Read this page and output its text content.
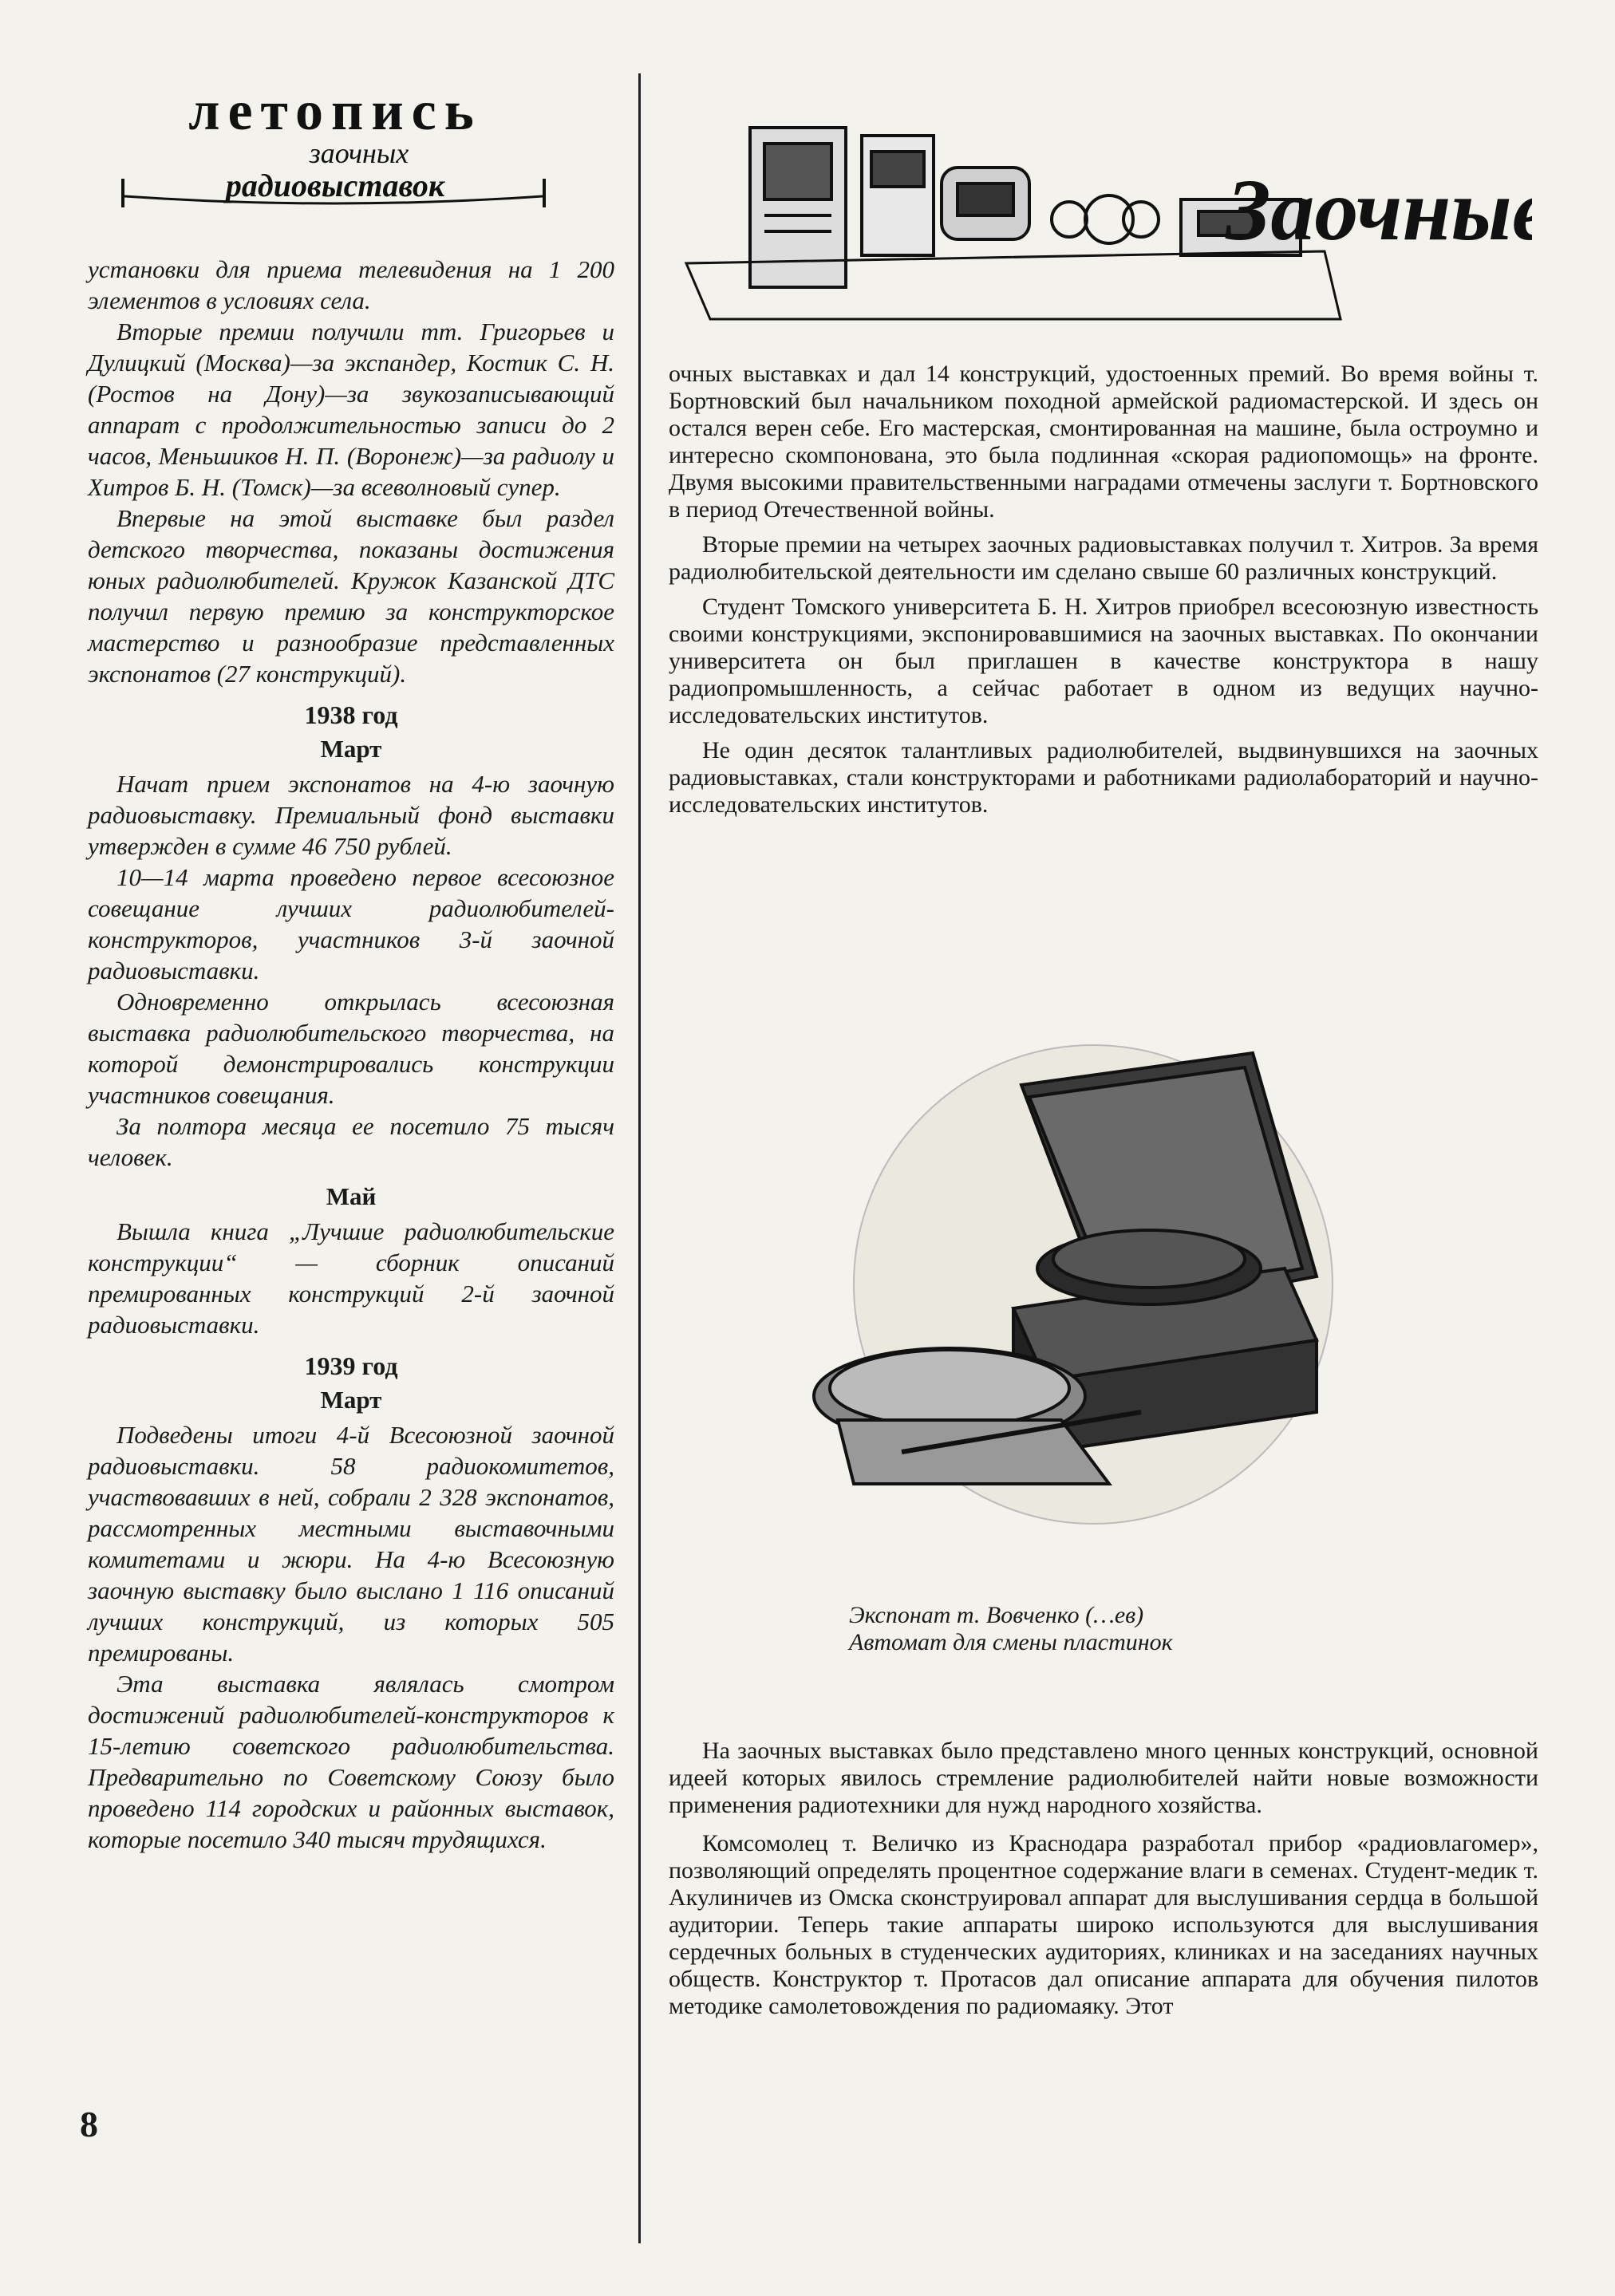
летопись
заочных
радиовыставок

установки для приема телевидения на 1 200 элементов в условиях села.

Вторые премии получили тт. Григорьев и Дулицкий (Москва)—за экспандер, Костик С. Н. (Ростов на Дону)—за звукозаписывающий аппарат с продолжительностью записи до 2 часов, Меньшиков Н. П. (Воронеж)—за радиолу и Хитров Б. Н. (Томск)—за всеволновый супер.

Впервые на этой выставке был раздел детского творчества, показаны достижения юных радиолюбителей. Кружок Казанской ДТС получил первую премию за конструкторское мастерство и разнообразие представленных экспонатов (27 конструкций).

1938 год
Март

Начат прием экспонатов на 4-ю заочную радиовыставку. Премиальный фонд выставки утвержден в сумме 46 750 рублей.

10—14 марта проведено первое всесоюзное совещание лучших радиолюбителей-конструкторов, участников 3-й заочной радиовыставки.

Одновременно открылась всесоюзная выставка радиолюбительского творчества, на которой демонстрировались конструкции участников совещания.

За полтора месяца ее посетило 75 тысяч человек.

Май

Вышла книга „Лучшие радиолюбительские конструкции“ — сборник описаний премированных конструкций 2-й заочной радиовыставки.

1939 год
Март

Подведены итоги 4-й Всесоюзной заочной радиовыставки. 58 радиокомитетов, участвовавших в ней, собрали 2 328 экспонатов, рассмотренных местными выставочными комитетами и жюри. На 4-ю Всесоюзную заочную выставку было выслано 1 116 описаний лучших конструкций, из которых 505 премированы.

Эта выставка являлась смотром достижений радиолюбителей-конструкторов к 15-летию советского радиолюбительства. Предварительно по Советскому Союзу было проведено 114 городских и районных выставок, которые посетило 340 тысяч трудящихся.

8
Заочные

очных выставках и дал 14 конструкций, удостоенных премий. Во время войны т. Бортновский был начальником походной армейской радиомастерской. И здесь он остался верен себе. Его мастерская, смонтированная на машине, была остроумно и интересно скомпонована, это была подлинная «скорая радиопомощь» на фронте. Двумя высокими правительственными наградами отмечены заслуги т. Бортновского в период Отечественной войны.

Вторые премии на четырех заочных радиовыставках получил т. Хитров. За время радиолюбительской деятельности им сделано свыше 60 различных конструкций.

Студент Томского университета Б. Н. Хитров приобрел всесоюзную известность своими конструкциями, экспонировавшимися на заочных выставках. По окончании университета он был приглашен в качестве конструктора в нашу радиопромышленность, а сейчас работает в одном из ведущих научно-исследовательских институтов.

Не один десяток талантливых радиолюбителей, выдвинувшихся на заочных радиовыставках, стали конструкторами и работниками радиолабораторий и научно-исследовательских институтов.

Экспонат т. Вовченко (…ев)
Автомат для смены пластинок

На заочных выставках было представлено много ценных конструкций, основной идеей которых явилось стремление радиолюбителей найти новые возможности применения радиотехники для нужд народного хозяйства.

Комсомолец т. Величко из Краснодара разработал прибор «радиовлагомер», позволяющий определять процентное содержание влаги в семенах. Студент-медик т. Акулиничев из Омска сконструировал аппарат для выслушивания сердца в большой аудитории. Теперь такие аппараты широко используются для выслушивания сердечных больных в студенческих аудиториях, клиниках и на заседаниях научных обществ. Конструктор т. Протасов дал описание аппарата для обучения пилотов методике самолетовождения по радиомаяку. Этот
